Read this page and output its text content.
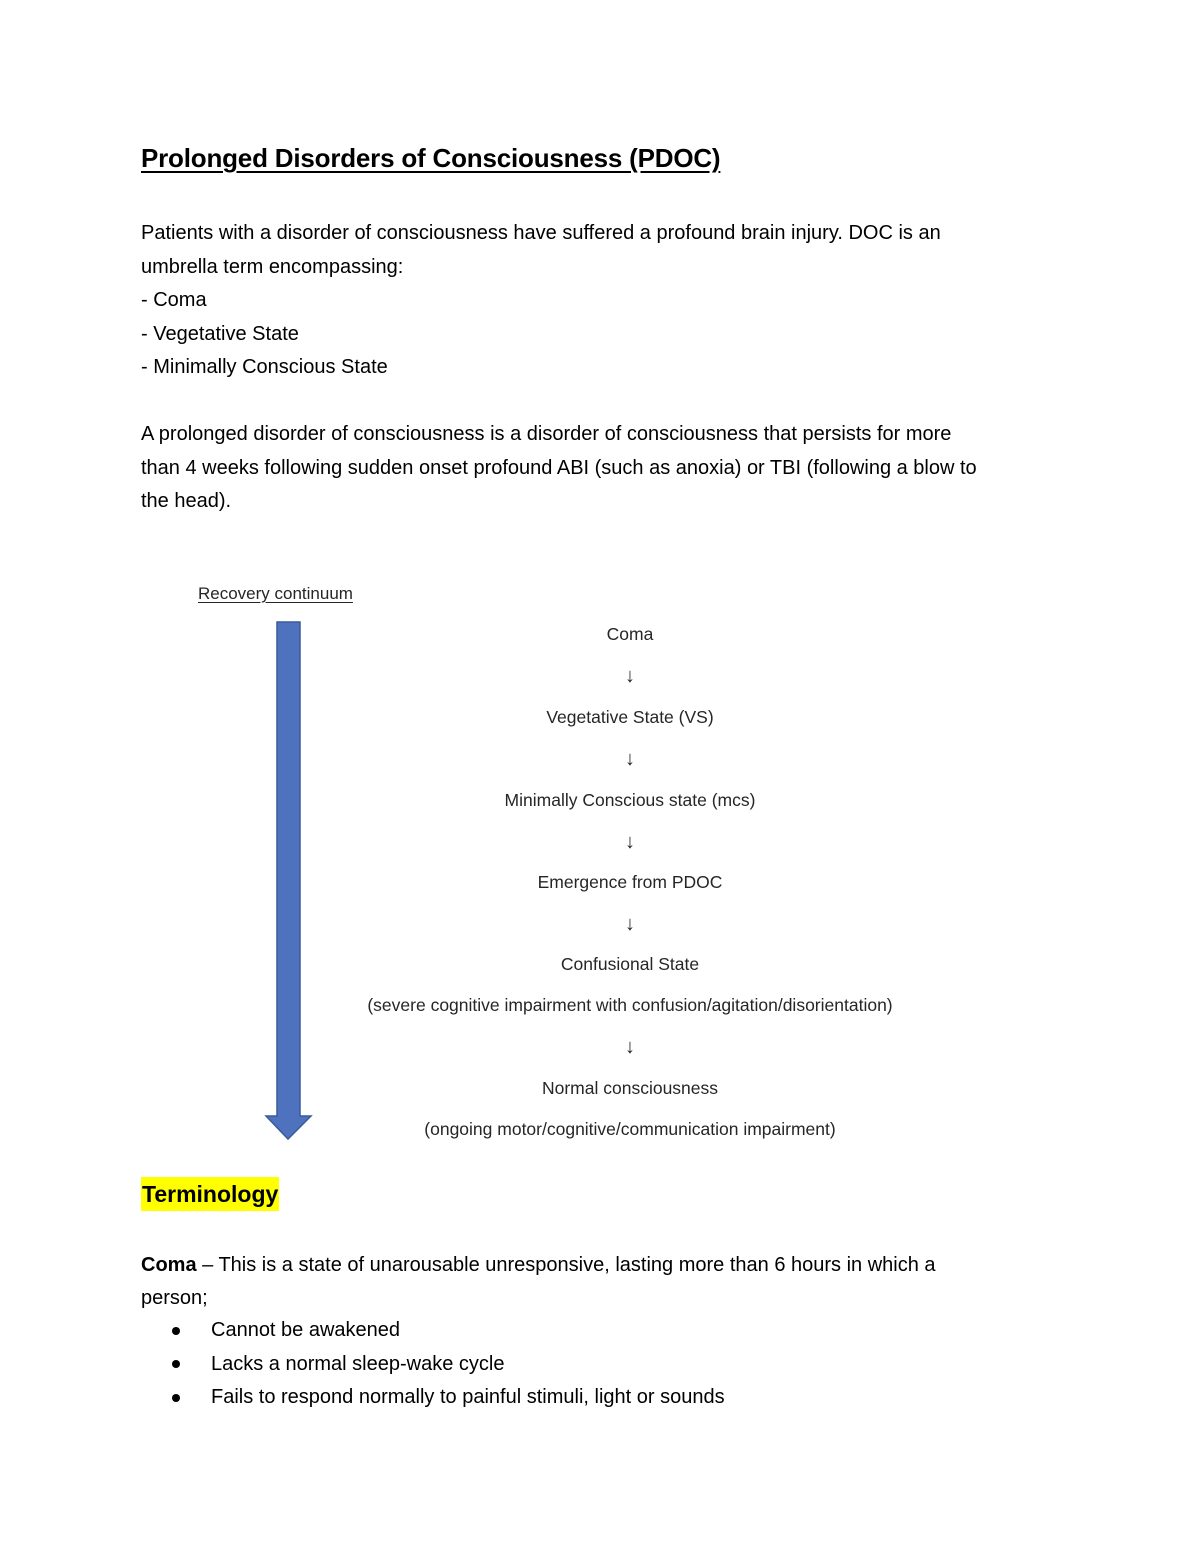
Prolonged Disorders of Consciousness (PDOC)
Patients with a disorder of consciousness have suffered a profound brain injury. DOC is an
umbrella term encompassing:
- Coma
- Vegetative State
- Minimally Conscious State
A prolonged disorder of consciousness is a disorder of consciousness that persists for more
than 4 weeks following sudden onset profound ABI (such as anoxia) or TBI (following a blow to
the head).
Recovery continuum
Coma
↓
Vegetative State (VS)
↓
Minimally Conscious state (mcs)
↓
Emergence from PDOC
↓
Confusional State
(severe cognitive impairment with confusion/agitation/disorientation)
↓
Normal consciousness
(ongoing motor/cognitive/communication impairment)
Terminology
Coma – This is a state of unarousable unresponsive, lasting more than 6 hours in which a
person;
Cannot be awakened
Lacks a normal sleep-wake cycle
Fails to respond normally to painful stimuli, light or sounds
